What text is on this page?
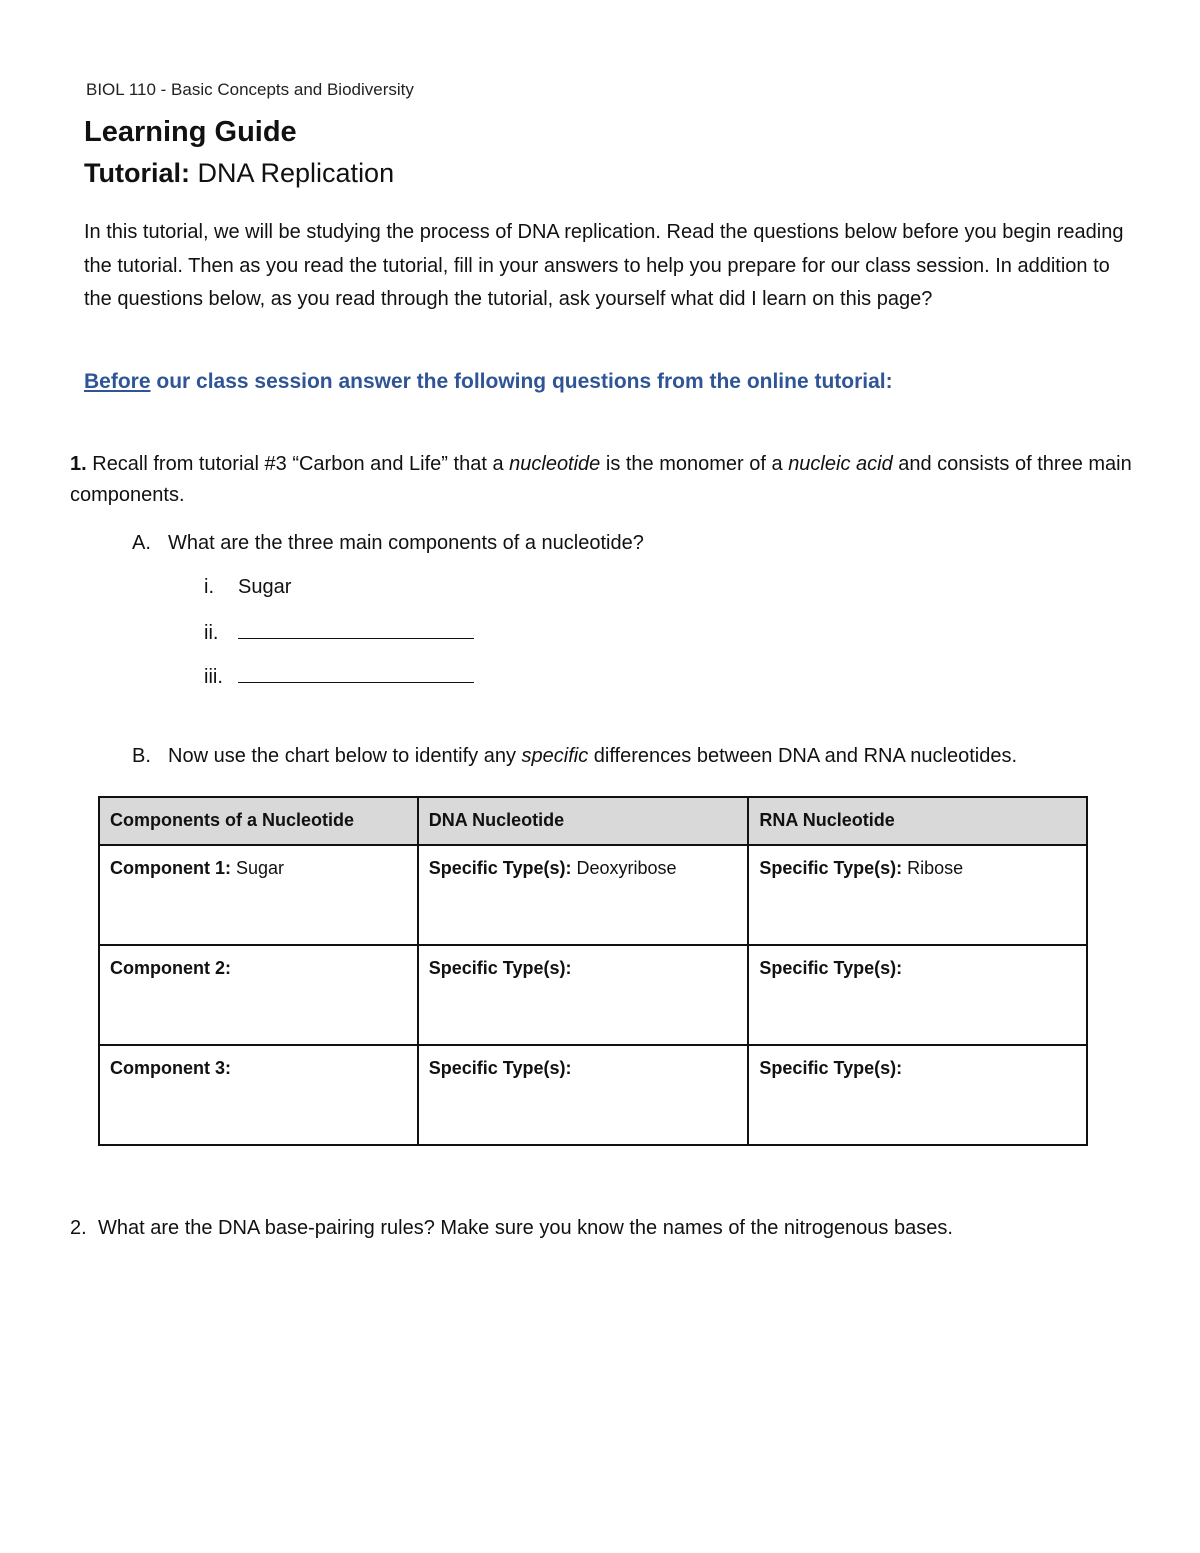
BIOL 110 - Basic Concepts and Biodiversity
Learning Guide
Tutorial: DNA Replication
In this tutorial, we will be studying the process of DNA replication. Read the questions below before you begin reading the tutorial. Then as you read the tutorial, fill in your answers to help you prepare for our class session. In addition to the questions below, as you read through the tutorial, ask yourself what did I learn on this page?
Before our class session answer the following questions from the online tutorial:
1. Recall from tutorial #3 “Carbon and Life” that a nucleotide is the monomer of a nucleic acid and consists of three main components.
A. What are the three main components of a nucleotide?
i. Sugar
ii.
iii.
B. Now use the chart below to identify any specific differences between DNA and RNA nucleotides.
Components of a Nucleotide	DNA Nucleotide	RNA Nucleotide
Component 1: Sugar	Specific Type(s): Deoxyribose	Specific Type(s): Ribose
Component 2:	Specific Type(s):	Specific Type(s):
Component 3:	Specific Type(s):	Specific Type(s):
2. What are the DNA base-pairing rules? Make sure you know the names of the nitrogenous bases.
